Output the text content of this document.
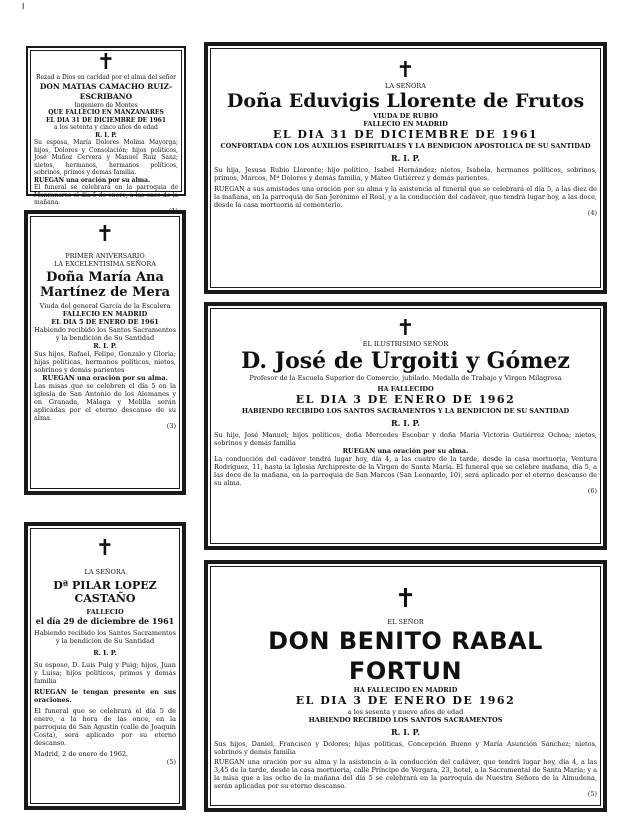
I
✝
Rezad a Dios en caridad por el alma del señor
DON MATIAS CAMACHO RUIZ-ESCRIBANO
Ingeniero de Montes
QUE FALLECIO EN MANZANARES
EL DIA 31 DE DICIEMBRE DE 1961
a los setenta y cinco años de edad
R. I. P.
Su esposa, María Dolores Molina Mayorga; hijos, Dolores y Consolación; hijos políticos, José Muñoz Cervera y Manuel Ruiz Sanz; nietos, hermanos, hermanos políticos, sobrinos, primos y demás familia.
RUEGAN una oración por su alma.
El funeral se celebrará en la parroquia de Manzanares el día 5 de enero, a las once de la mañana.
(1)
✝
PRIMER ANIVERSARIO
LA EXCELENTISIMA SEÑORA
Doña María Ana Martínez de Mera
Viuda del general García de la Escalera
FALLECIO EN MADRID
EL DIA 5 DE ENERO DE 1961
Habiendo recibido los Santos Sacramentos y la bendición de Su Santidad
R. I. P.
Sus hijos, Rafael, Felipe, Gonzalo y Gloria; hijas políticas, hermanos políticos, nietos, sobrinos y demás parientes
RUEGAN una oración por su alma.
Las misas que se celebren el día 5 en la iglesia de San Antonio de los Alemanes y en Granada, Málaga y Melilla serán aplicadas por el eterno descanso de su alma.
(3)
✝
LA SEÑORA
Dª PILAR LOPEZ CASTAÑO
FALLECIO
el día 29 de diciembre de 1961
Habiendo recibido los Santos Sacramentos y la bendición de Su Santidad
R. I. P.
Su esposo, D. Luis Puig y Puig; hijos, Juan y Luisa; hijos políticos, primos y demás familia
RUEGAN le tengan presente en sus oraciones.
El funeral que se celebrará el día 5 de enero, a la hora de las once, en la parroquia de San Agustín (calle de Joaquín Costa), será aplicado por su eterno descanso.
Madrid, 2 de enero de 1962.
(5)
✝
LA SEÑORA
Doña Eduvigis Llorente de Frutos
VIUDA DE RUBIO
FALLECIO EN MADRID
EL DIA 31 DE DICIEMBRE DE 1961
CONFORTADA CON LOS AUXILIOS ESPIRITUALES Y LA BENDICION APOSTOLICA DE SU SANTIDAD
R. I. P.
Su hija, Jesusa Rubio Llorente; hijo político, Isabel Hernández; nietos, Isabela, hermanos políticos, sobrinos, primos, Marcos, Mª Dolores y demás familia, y Mateo Gutiérrez y demás parientes.
RUEGAN a sus amistades una oración por su alma y la asistencia al funeral que se celebrará el día 5, a las diez de la mañana, en la parroquia de San Jerónimo el Real, y a la conducción del cadáver, que tendrá lugar hoy, a las doce, desde la casa mortuoria al cementerio.
(4)
✝
EL ILUSTRISIMO SEÑOR
D. José de Urgoiti y Gómez
Profesor de la Escuela Superior de Comercio, jubilado. Medalla de Trabajo y Virgen Milagrosa
HA FALLECIDO
EL DIA 3 DE ENERO DE 1962
HABIENDO RECIBIDO LOS SANTOS SACRAMENTOS Y LA BENDICION DE SU SANTIDAD
R. I. P.
Su hijo, José Manuel; hijos políticos, doña Mercedes Escobar y doña María Victoria Gutiérrez Ochoa; nietos, sobrinos y demás familia
RUEGAN una oración por su alma.
La conducción del cadáver tendrá lugar hoy, día 4, a las cuatro de la tarde, desde la casa mortuoria, Ventura Rodríguez, 11, hasta la Iglesia Archipreste de la Virgen de Santa María. El funeral que se celebre mañana, día 5, a las doce de la mañana, en la parroquia de San Marcos (San Leonardo, 10), será aplicado por el eterno descanso de su alma.
(6)
✝
EL SEÑOR
DON BENITO RABAL FORTUN
HA FALLECIDO EN MADRID
EL DIA 3 DE ENERO DE 1962
a los sesenta y nueve años de edad
HABIENDO RECIBIDO LOS SANTOS SACRAMENTOS
R. I. P.
Sus hijos, Daniel, Francisco y Dolores; hijas políticas, Concepción Bueno y María Asunción Sánchez; nietos, sobrinos y demás familia
RUEGAN una oración por su alma y la asistencia a la conducción del cadáver, que tendrá lugar hoy, día 4, a las 3,45 de la tarde, desde la casa mortuoria, calle Príncipe de Vergara, 23, hotel, a la Sacramental de Santa María; y a la misa que a las ocho de la mañana del día 5 se celebrará en la parroquia de Nuestra Señora de la Almudena, serán aplicadas por su eterno descanso.
(5)
